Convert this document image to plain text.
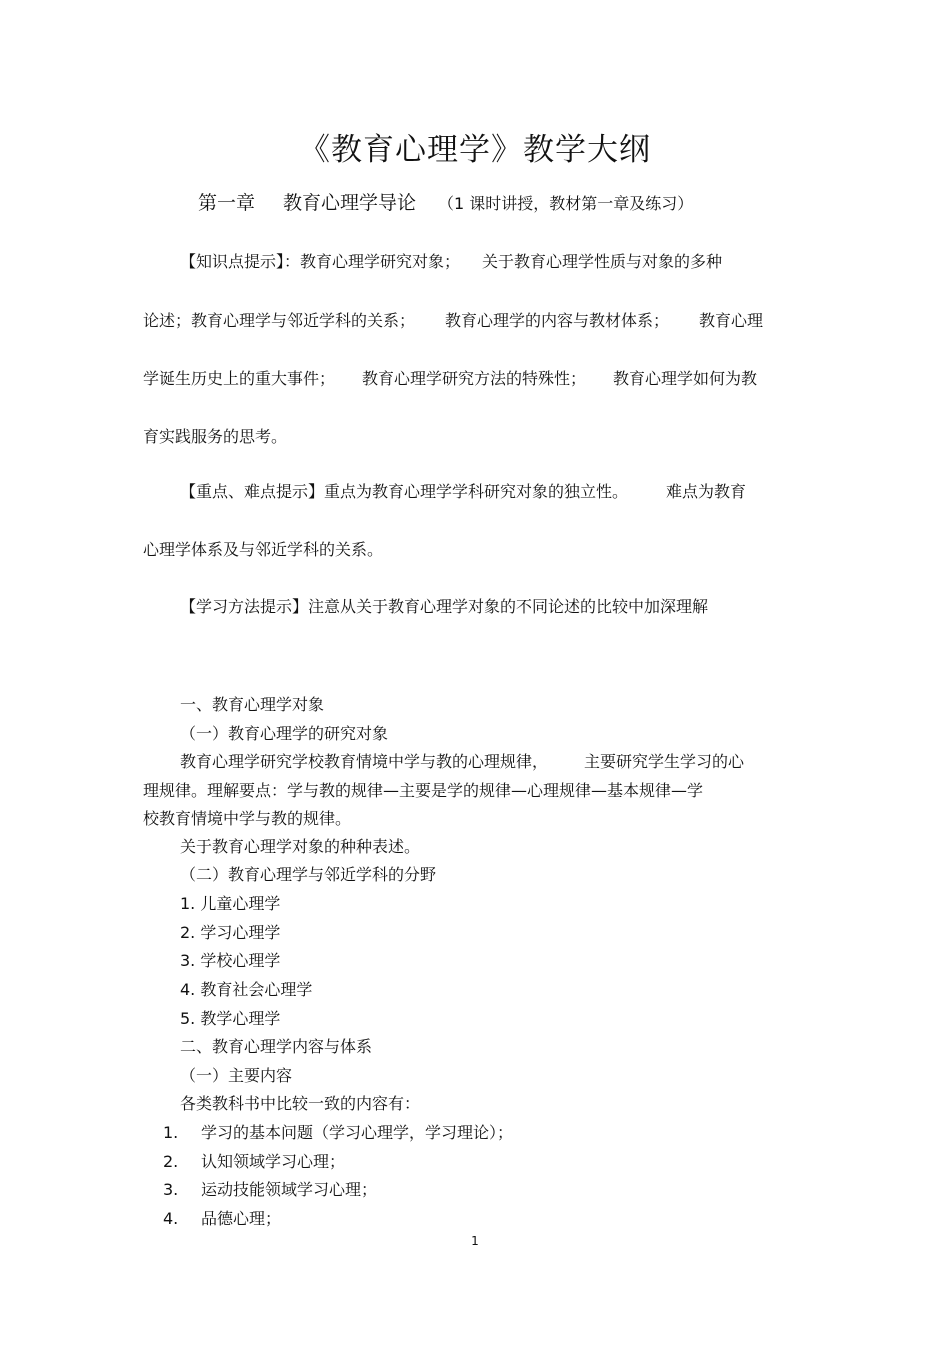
《教育心理学》教学大纲
第一章 教育心理学导论 （1 课时讲授，教材第一章及练习）
【知识点提示】：教育心理学研究对象； 关于教育心理学性质与对象的多种
论述；教育心理学与邻近学科的关系； 教育心理学的内容与教材体系； 教育心理
学诞生历史上的重大事件； 教育心理学研究方法的特殊性； 教育心理学如何为教
育实践服务的思考。
【重点、难点提示】重点为教育心理学学科研究对象的独立性。 难点为教育
心理学体系及与邻近学科的关系。
【学习方法提示】注意从关于教育心理学对象的不同论述的比较中加深理解
一、教育心理学对象
（一）教育心理学的研究对象
教育心理学研究学校教育情境中学与教的心理规律， 主要研究学生学习的心
理规律。理解要点：学与教的规律—主要是学的规律—心理规律—基本规律—学
校教育情境中学与教的规律。
关于教育心理学对象的种种表述。
（二）教育心理学与邻近学科的分野
1. 儿童心理学
2. 学习心理学
3. 学校心理学
4. 教育社会心理学
5. 教学心理学
二、教育心理学内容与体系
（一）主要内容
各类教科书中比较一致的内容有：
1. 学习的基本问题（学习心理学，学习理论）；
2. 认知领域学习心理；
3. 运动技能领域学习心理；
4. 品德心理；
1
